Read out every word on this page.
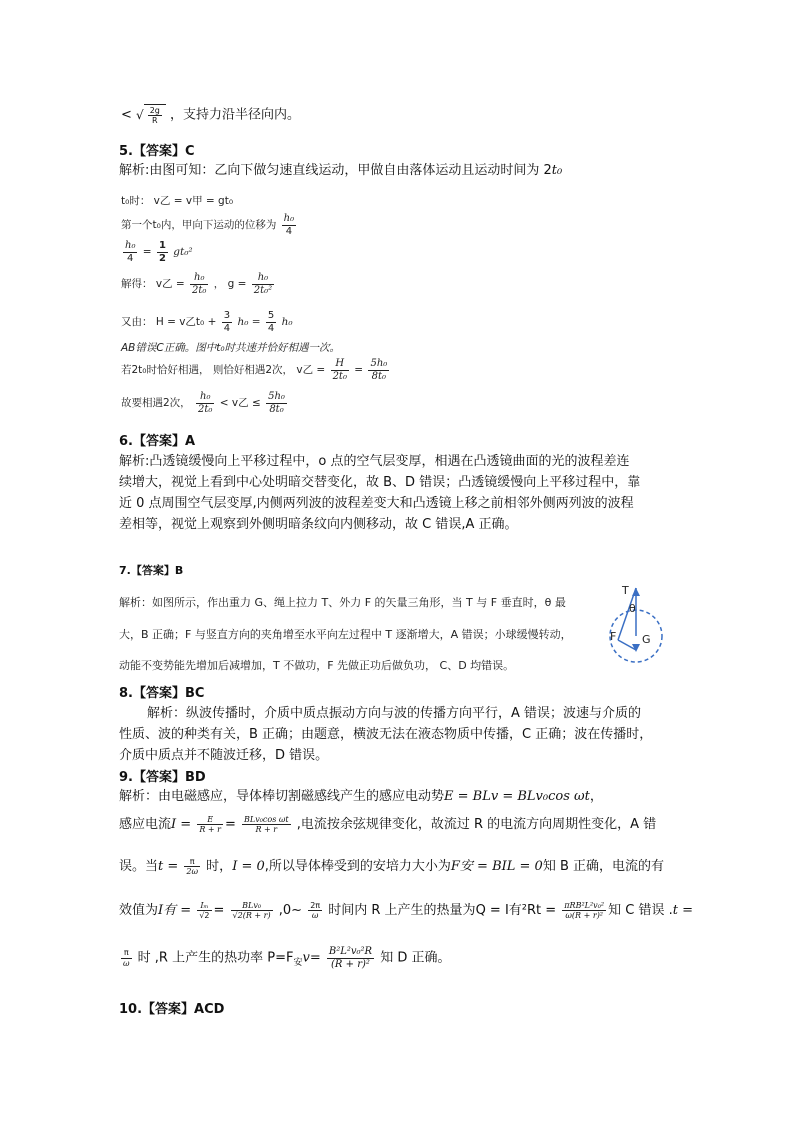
< √ $\frac{2g}{R}$ ，支持力沿半径向内。
5.【答案】C
解析:由图可知：乙向下做匀速直线运动，甲做自由落体运动且运动时间为 2t₀
t₀时： v乙 = v甲 = gt₀
第一个t₀内，甲向下运动的位移为 $\frac{\text{h₀}}{4}$
$\frac{\text{h₀}}{4} = \frac{1}{2} gt_0^2$
解得： v乙 = $\frac{\text{h₀}}{\text{2t₀}}$ ， $g = \frac{\text{h₀}}{\text{2t₀²}}$
又由： H = v乙$t_0 + \frac{3}{4} h_0 = \frac{5}{4} h_0$
AB错误C正确。图中t₀时共速并恰好相遇一次。
若2t₀时恰好相遇， 则恰好相遇2次， v乙 = $\frac{H}{\text{2t₀}} = \frac{\text{5h₀}}{\text{8t₀}}$
故要相遇2次， $\frac{\text{h₀}}{\text{2t₀}} < v$乙 ≤ $\frac{\text{5h₀}}{\text{8t₀}}$
6.【答案】A
解析:凸透镜缓慢向上平移过程中，o 点的空气层变厚，相遇在凸透镜曲面的光的波程差连
续增大，视觉上看到中心处明暗交替变化，故 B、D 错误；凸透镜缓慢向上平移过程中，靠
近 0 点周围空气层变厚,内侧两列波的波程差变大和凸透镜上移之前相邻外侧两列波的波程
差相等，视觉上观察到外侧明暗条纹向内侧移动，故 C 错误,A 正确。
7.【答案】B
解析：如图所示，作出重力 G、绳上拉力 T、外力 F 的矢量三角形，当 T 与 F 垂直时，θ 最
大，B 正确；F 与竖直方向的夹角增至水平向左过程中 T 逐渐增大，A 错误；小球缓慢转动，
动能不变势能先增加后减增加，T 不做功，F 先做正功后做负功， C、D 均错误。
T
θ
F G
8.【答案】BC
解析：纵波传播时，介质中质点振动方向与波的传播方向平行，A 错误；波速与介质的
性质、波的种类有关，B 正确；由题意，横波无法在液态物质中传播，C 正确；波在传播时，
介质中质点并不随波迁移，D 错误。
9.【答案】BD
解析：由电磁感应，导体棒切割磁感线产生的感应电动势E = BLv = BLv₀cos ωt，
感应电流$I = \frac{E}{R + r} = \frac{\text{BLv₀cos ωt}}{R + r}$ ,电流按余弦规律变化，故流过 R 的电流方向周期性变化，A 错
误。当$t = \frac{\pi}{2\omega}$ 时，I = 0,所以导体棒受到的安培力大小为F安 = BIL = 0知 B 正确，电流的有
效值为I有 = $\frac{\text{Iₘ}}{√2} = \frac{\text{BLv₀}}{√2(R + r)}$ ,0~ $\frac{2\pi}{\omega}$ 时间内 R 上产生的热量为Q = I有$^2Rt = \frac{\text{πRB²L²v₀²}}{\text{ω(R + r)²}}$ 知 C 错误 .t =
$\frac{\pi}{\omega}$ 时 ,R 上产生的热功率 $P=F_安v= \frac{\text{B²L²v₀²R}}{\text{(R + r)²}}$ 知 D 正确。
10.【答案】ACD
